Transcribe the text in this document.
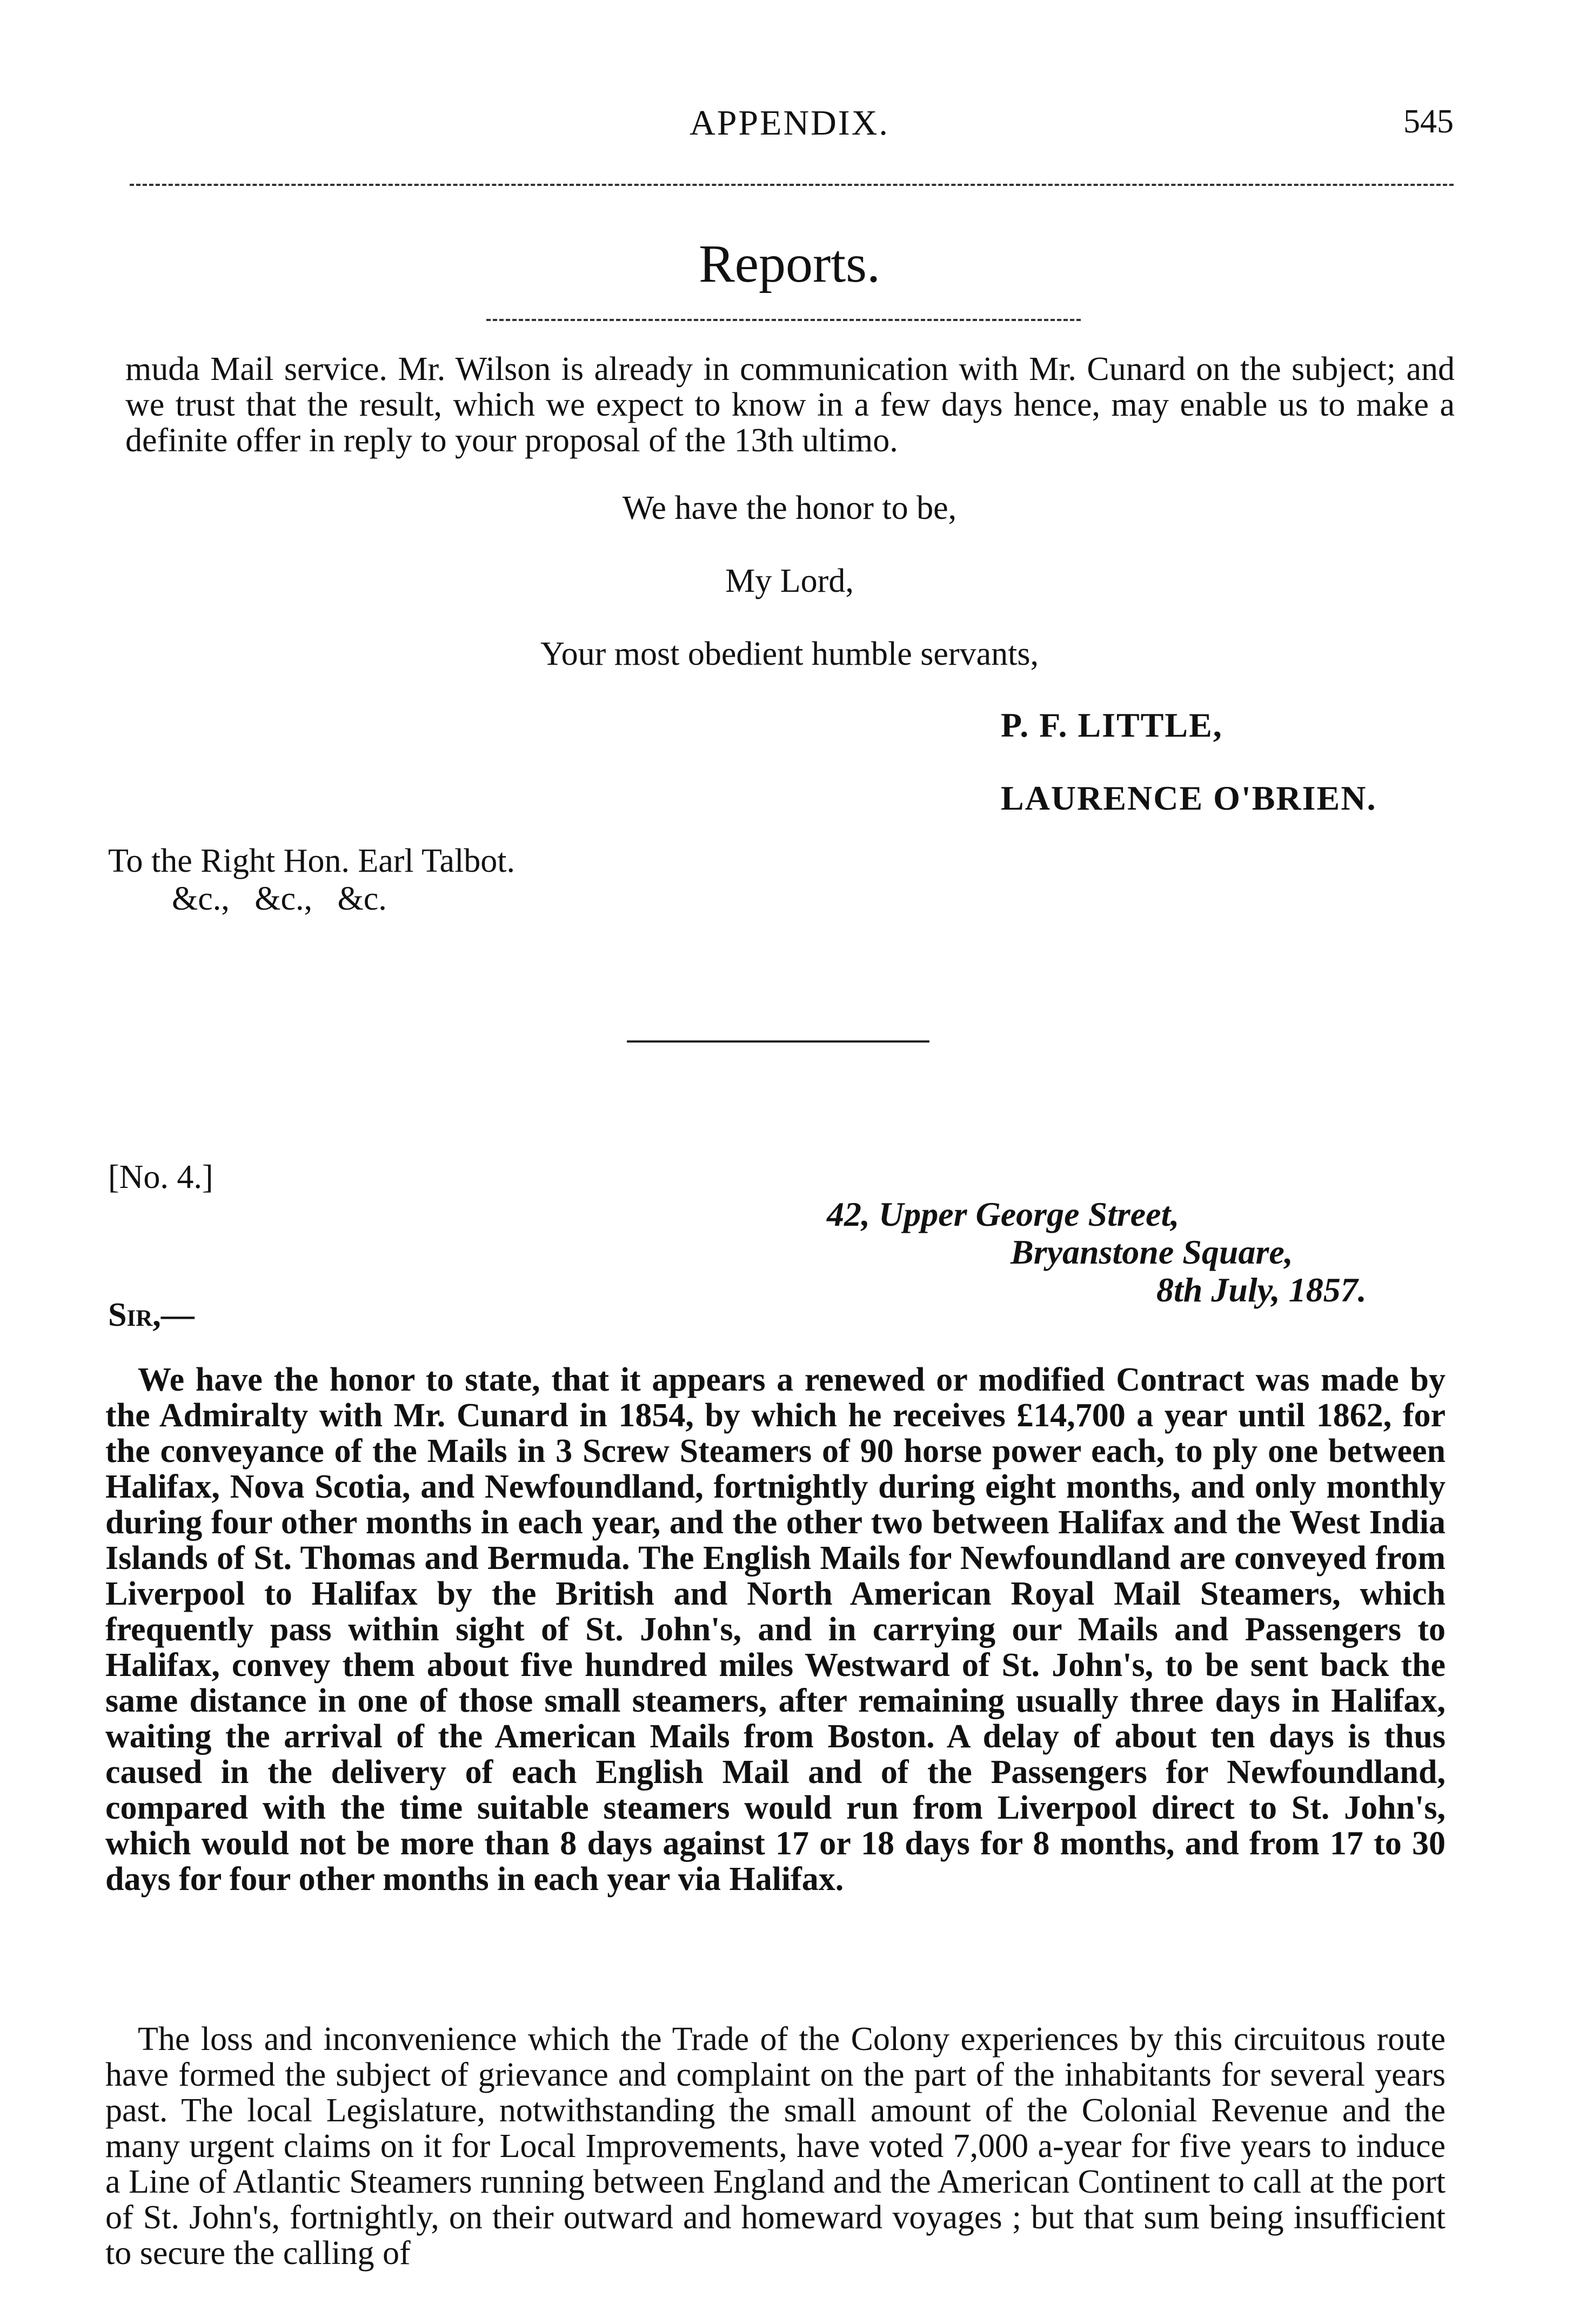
APPENDIX.	545
Reports.
muda Mail service. Mr. Wilson is already in communication with Mr. Cunard on the subject; and we trust that the result, which we expect to know in a few days hence, may enable us to make a definite offer in reply to your proposal of the 13th ultimo.
We have the honor to be,
My Lord,
Your most obedient humble servants,
P. F. LITTLE,
LAURENCE O'BRIEN.
To the Right Hon. Earl Talbot.
&c.,   &c.,   &c.
[No. 4.]
42, Upper George Street,
Bryanstone Square,
8th July, 1857.
Sir,—
We have the honor to state, that it appears a renewed or modified Contract was made by the Admiralty with Mr. Cunard in 1854, by which he receives £14,700 a year until 1862, for the conveyance of the Mails in 3 Screw Steamers of 90 horse power each, to ply one between Halifax, Nova Scotia, and Newfoundland, fortnightly during eight months, and only monthly during four other months in each year, and the other two between Halifax and the West India Islands of St. Thomas and Bermuda. The English Mails for Newfoundland are conveyed from Liverpool to Halifax by the British and North American Royal Mail Steamers, which frequently pass within sight of St. John's, and in carrying our Mails and Passengers to Halifax, convey them about five hundred miles Westward of St. John's, to be sent back the same distance in one of those small steamers, after remaining usually three days in Halifax, waiting the arrival of the American Mails from Boston. A delay of about ten days is thus caused in the delivery of each English Mail and of the Passengers for Newfoundland, compared with the time suitable steamers would run from Liverpool direct to St. John's, which would not be more than 8 days against 17 or 18 days for 8 months, and from 17 to 30 days for four other months in each year via Halifax.
The loss and inconvenience which the Trade of the Colony experiences by this circuitous route have formed the subject of grievance and complaint on the part of the inhabitants for several years past. The local Legislature, notwithstanding the small amount of the Colonial Revenue and the many urgent claims on it for Local Improvements, have voted 7,000 a-year for five years to induce a Line of Atlantic Steamers running between England and the American Continent to call at the port of St. John's, fortnightly, on their outward and homeward voyages ; but that sum being insufficient to secure the calling of
